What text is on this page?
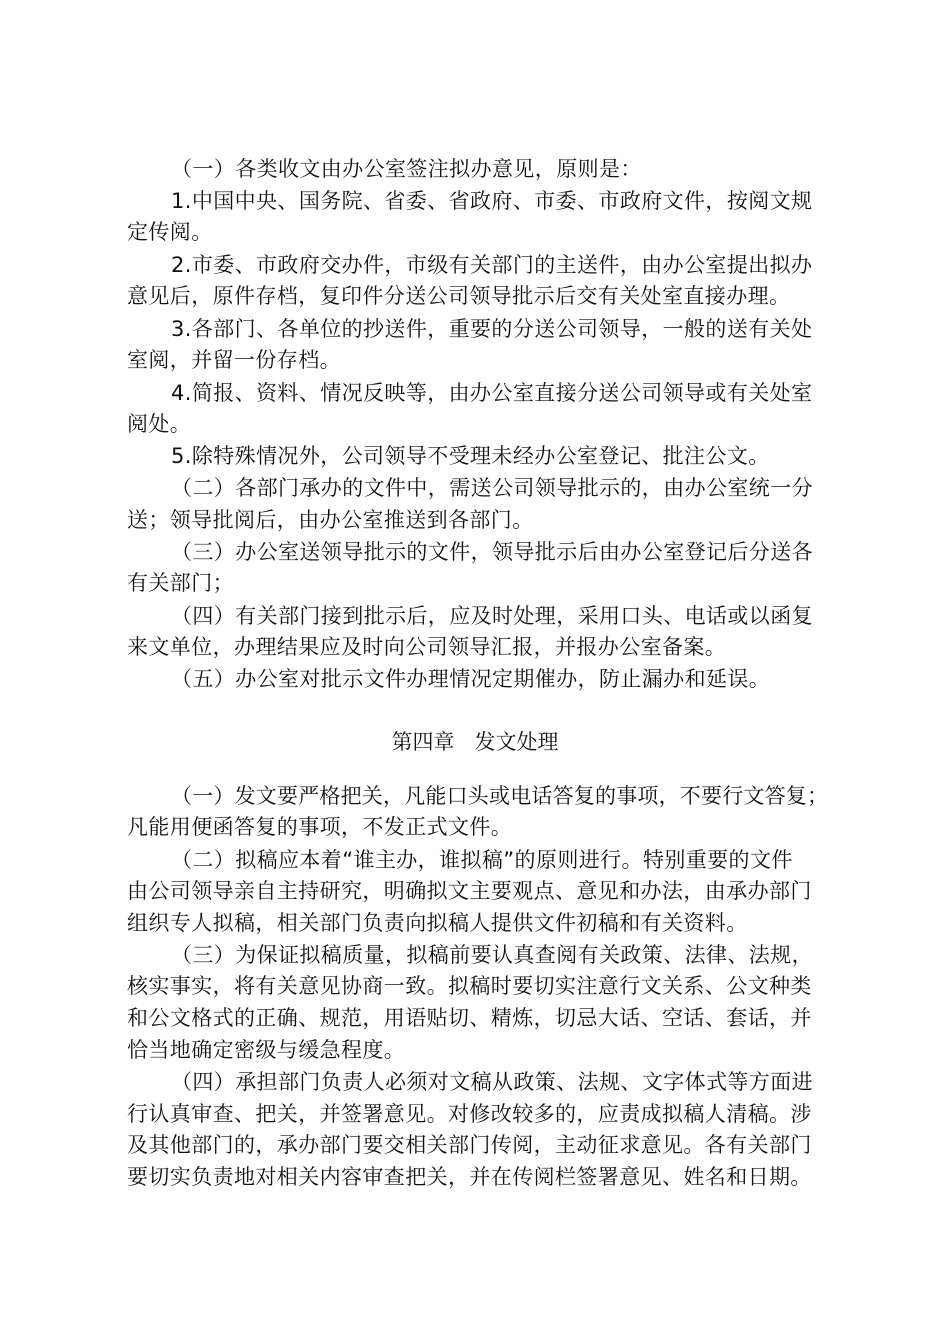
（一）各类收文由办公室签注拟办意见，原则是：
1.中国中央、国务院、省委、省政府、市委、市政府文件，按阅文规
定传阅。
2.市委、市政府交办件，市级有关部门的主送件，由办公室提出拟办
意见后，原件存档，复印件分送公司领导批示后交有关处室直接办理。
3.各部门、各单位的抄送件，重要的分送公司领导，一般的送有关处
室阅，并留一份存档。
4.简报、资料、情况反映等，由办公室直接分送公司领导或有关处室
阅处。
5.除特殊情况外，公司领导不受理未经办公室登记、批注公文。
（二）各部门承办的文件中，需送公司领导批示的，由办公室统一分
送；领导批阅后，由办公室推送到各部门。
（三）办公室送领导批示的文件，领导批示后由办公室登记后分送各
有关部门；
（四）有关部门接到批示后，应及时处理，采用口头、电话或以函复
来文单位，办理结果应及时向公司领导汇报，并报办公室备案。
（五）办公室对批示文件办理情况定期催办，防止漏办和延误。
第四章   发文处理
（一）发文要严格把关，凡能口头或电话答复的事项，不要行文答复；
凡能用便函答复的事项，不发正式文件。
（二）拟稿应本着“谁主办，谁拟稿”的原则进行。特别重要的文件
由公司领导亲自主持研究，明确拟文主要观点、意见和办法，由承办部门
组织专人拟稿，相关部门负责向拟稿人提供文件初稿和有关资料。
（三）为保证拟稿质量，拟稿前要认真查阅有关政策、法律、法规，
核实事实，将有关意见协商一致。拟稿时要切实注意行文关系、公文种类
和公文格式的正确、规范，用语贴切、精炼，切忌大话、空话、套话，并
恰当地确定密级与缓急程度。
（四）承担部门负责人必须对文稿从政策、法规、文字体式等方面进
行认真审查、把关，并签署意见。对修改较多的，应责成拟稿人清稿。涉
及其他部门的，承办部门要交相关部门传阅，主动征求意见。各有关部门
要切实负责地对相关内容审查把关，并在传阅栏签署意见、姓名和日期。
